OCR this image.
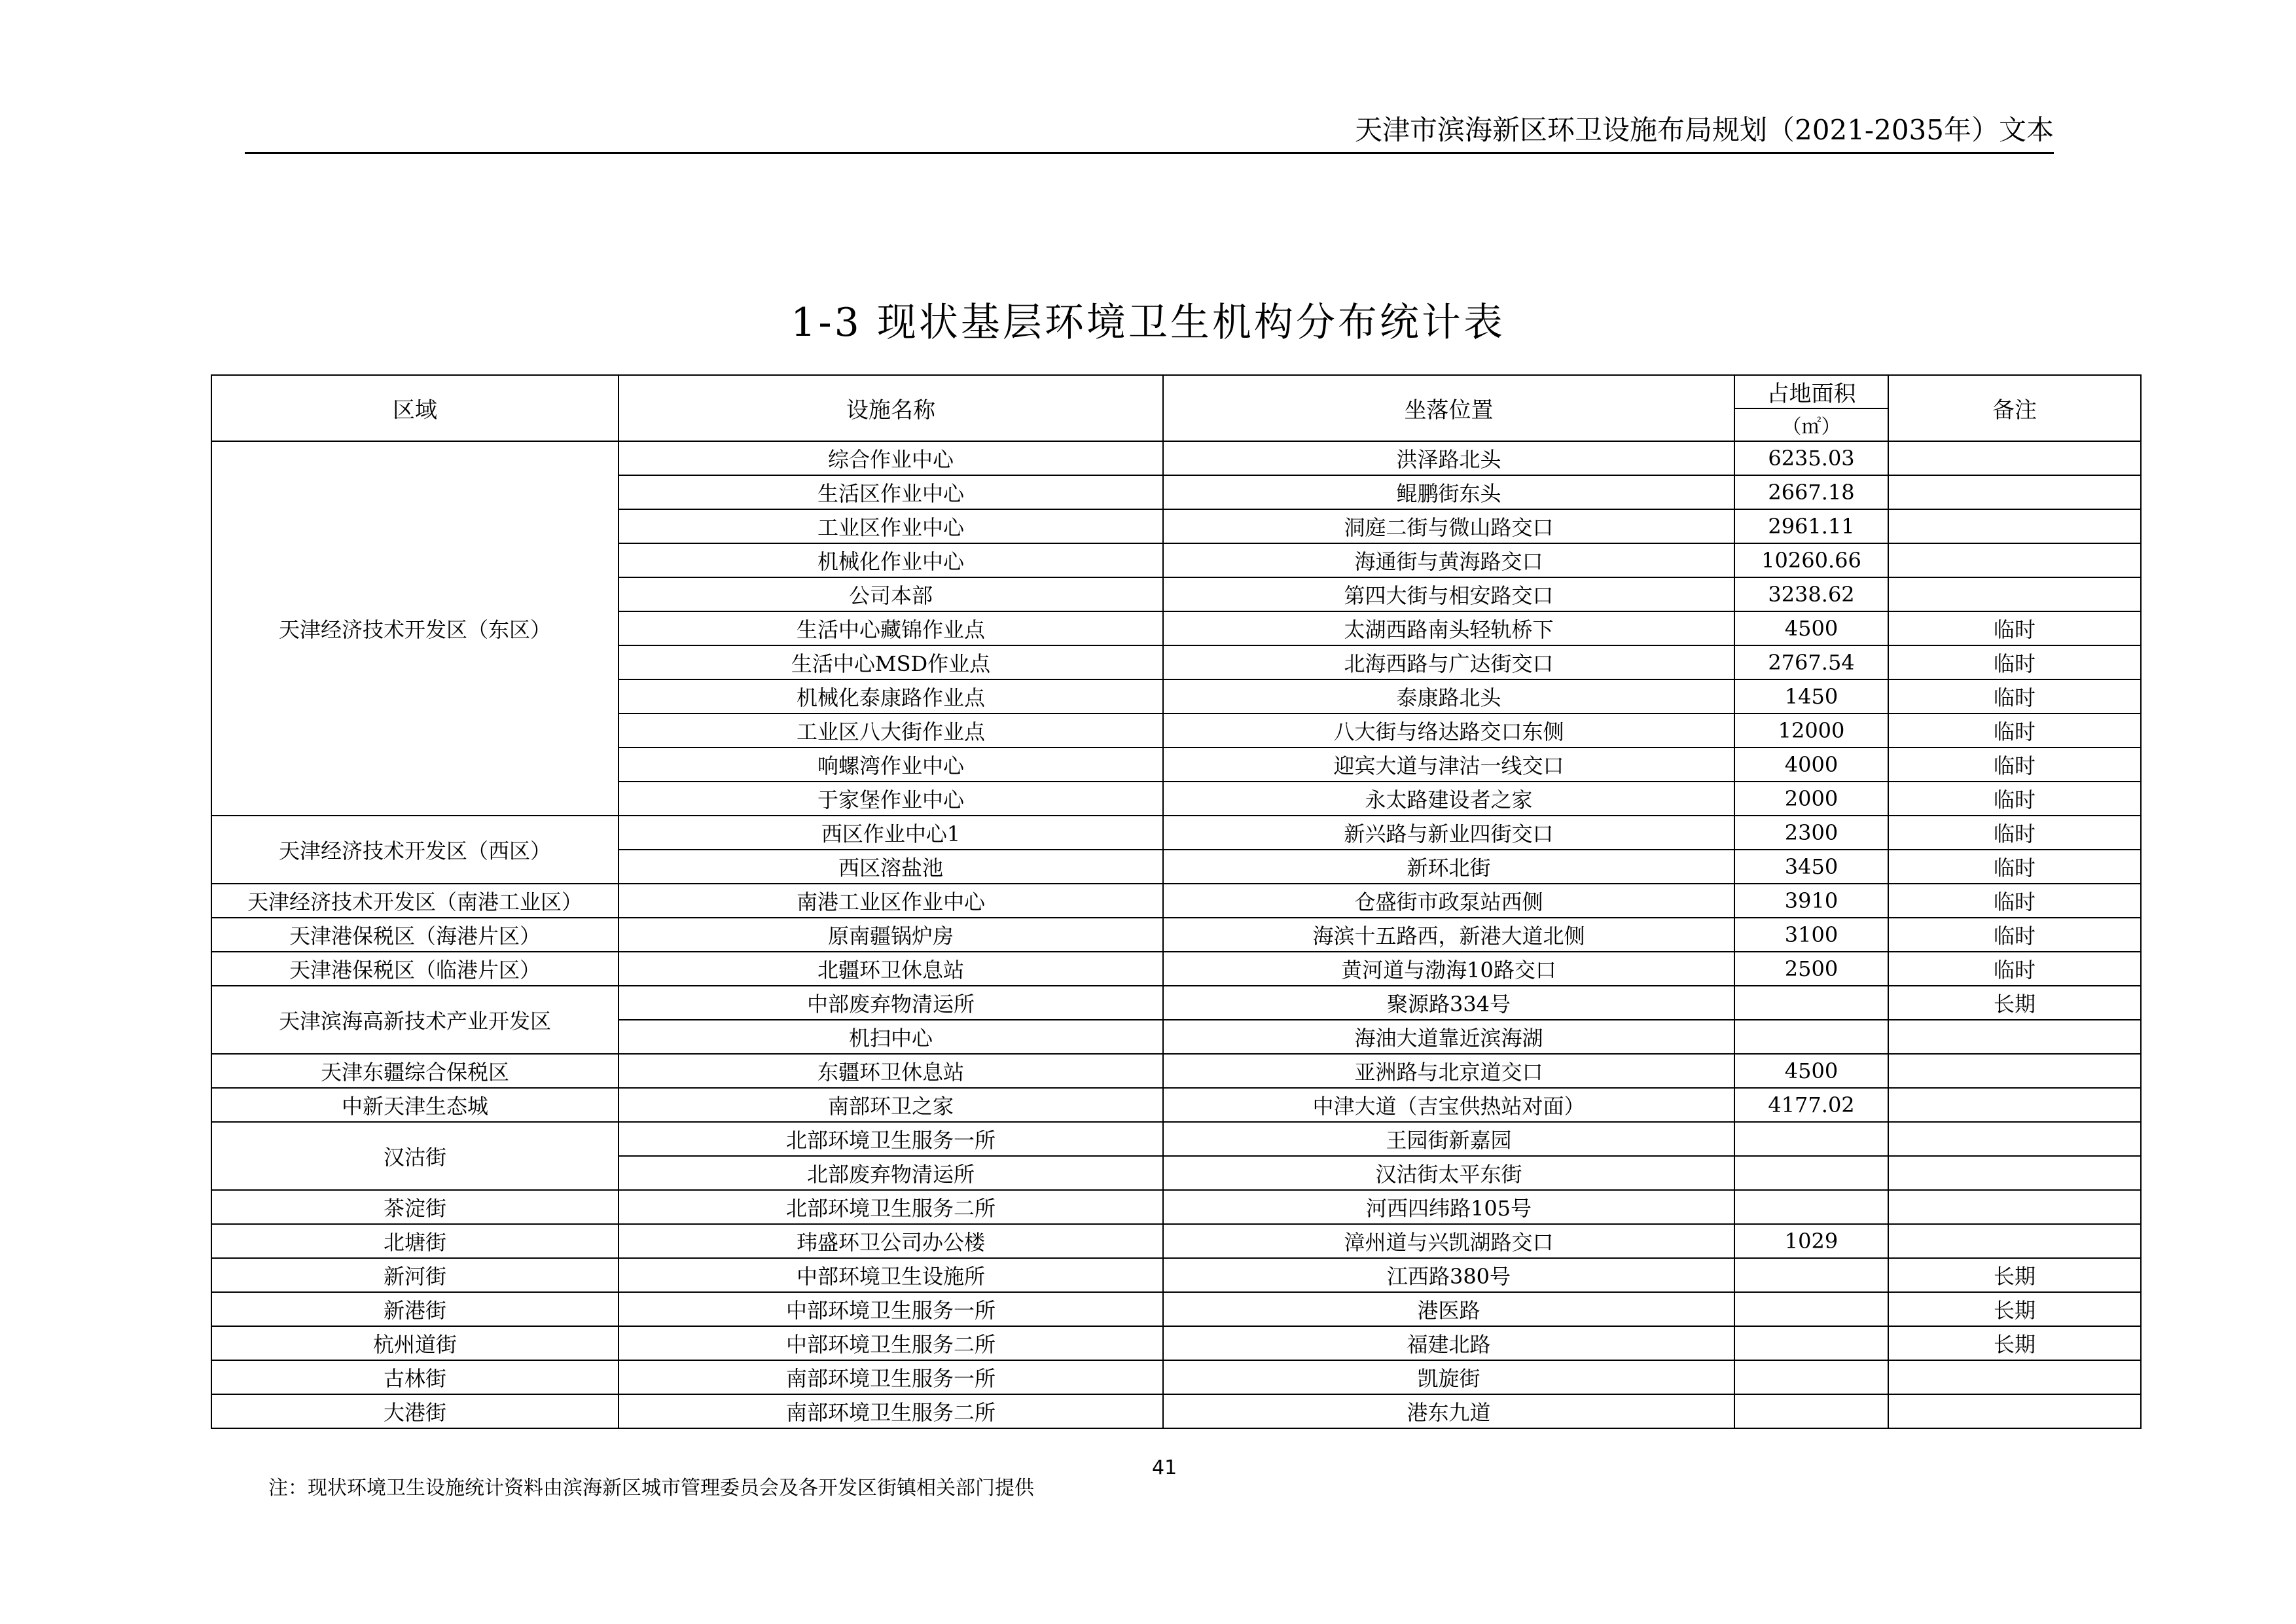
天津市滨海新区环卫设施布局规划（2021-2035年）文本
1-3 现状基层环境卫生机构分布统计表
区域	设施名称	坐落位置	占地面积	备注
			（㎡）	
天津经济技术开发区（东区）	综合作业中心	洪泽路北头	6235.03	
	生活区作业中心	鲲鹏街东头	2667.18	
	工业区作业中心	洞庭二街与微山路交口	2961.11	
	机械化作业中心	海通街与黄海路交口	10260.66	
	公司本部	第四大街与相安路交口	3238.62	
	生活中心藏锦作业点	太湖西路南头轻轨桥下	4500	临时
	生活中心MSD作业点	北海西路与广达街交口	2767.54	临时
	机械化泰康路作业点	泰康路北头	1450	临时
	工业区八大街作业点	八大街与络达路交口东侧	12000	临时
	响螺湾作业中心	迎宾大道与津沽一线交口	4000	临时
	于家堡作业中心	永太路建设者之家	2000	临时
天津经济技术开发区（西区）	西区作业中心1	新兴路与新业四街交口	2300	临时
	西区溶盐池	新环北街	3450	临时
天津经济技术开发区（南港工业区）	南港工业区作业中心	仓盛街市政泵站西侧	3910	临时
天津港保税区（海港片区）	原南疆锅炉房	海滨十五路西，新港大道北侧	3100	临时
天津港保税区（临港片区）	北疆环卫休息站	黄河道与渤海10路交口	2500	临时
天津滨海高新技术产业开发区	中部废弃物清运所	聚源路334号		长期
	机扫中心	海油大道靠近滨海湖		
天津东疆综合保税区	东疆环卫休息站	亚洲路与北京道交口	4500	
中新天津生态城	南部环卫之家	中津大道（吉宝供热站对面）	4177.02	
汉沽街	北部环境卫生服务一所	王园街新嘉园		
	北部废弃物清运所	汉沽街太平东街		
茶淀街	北部环境卫生服务二所	河西四纬路105号		
北塘街	玮盛环卫公司办公楼	漳州道与兴凯湖路交口	1029	
新河街	中部环境卫生设施所	江西路380号		长期
新港街	中部环境卫生服务一所	港医路		长期
杭州道街	中部环境卫生服务二所	福建北路		长期
古林街	南部环境卫生服务一所	凯旋街		
大港街	南部环境卫生服务二所	港东九道		
注：现状环境卫生设施统计资料由滨海新区城市管理委员会及各开发区街镇相关部门提供
41
